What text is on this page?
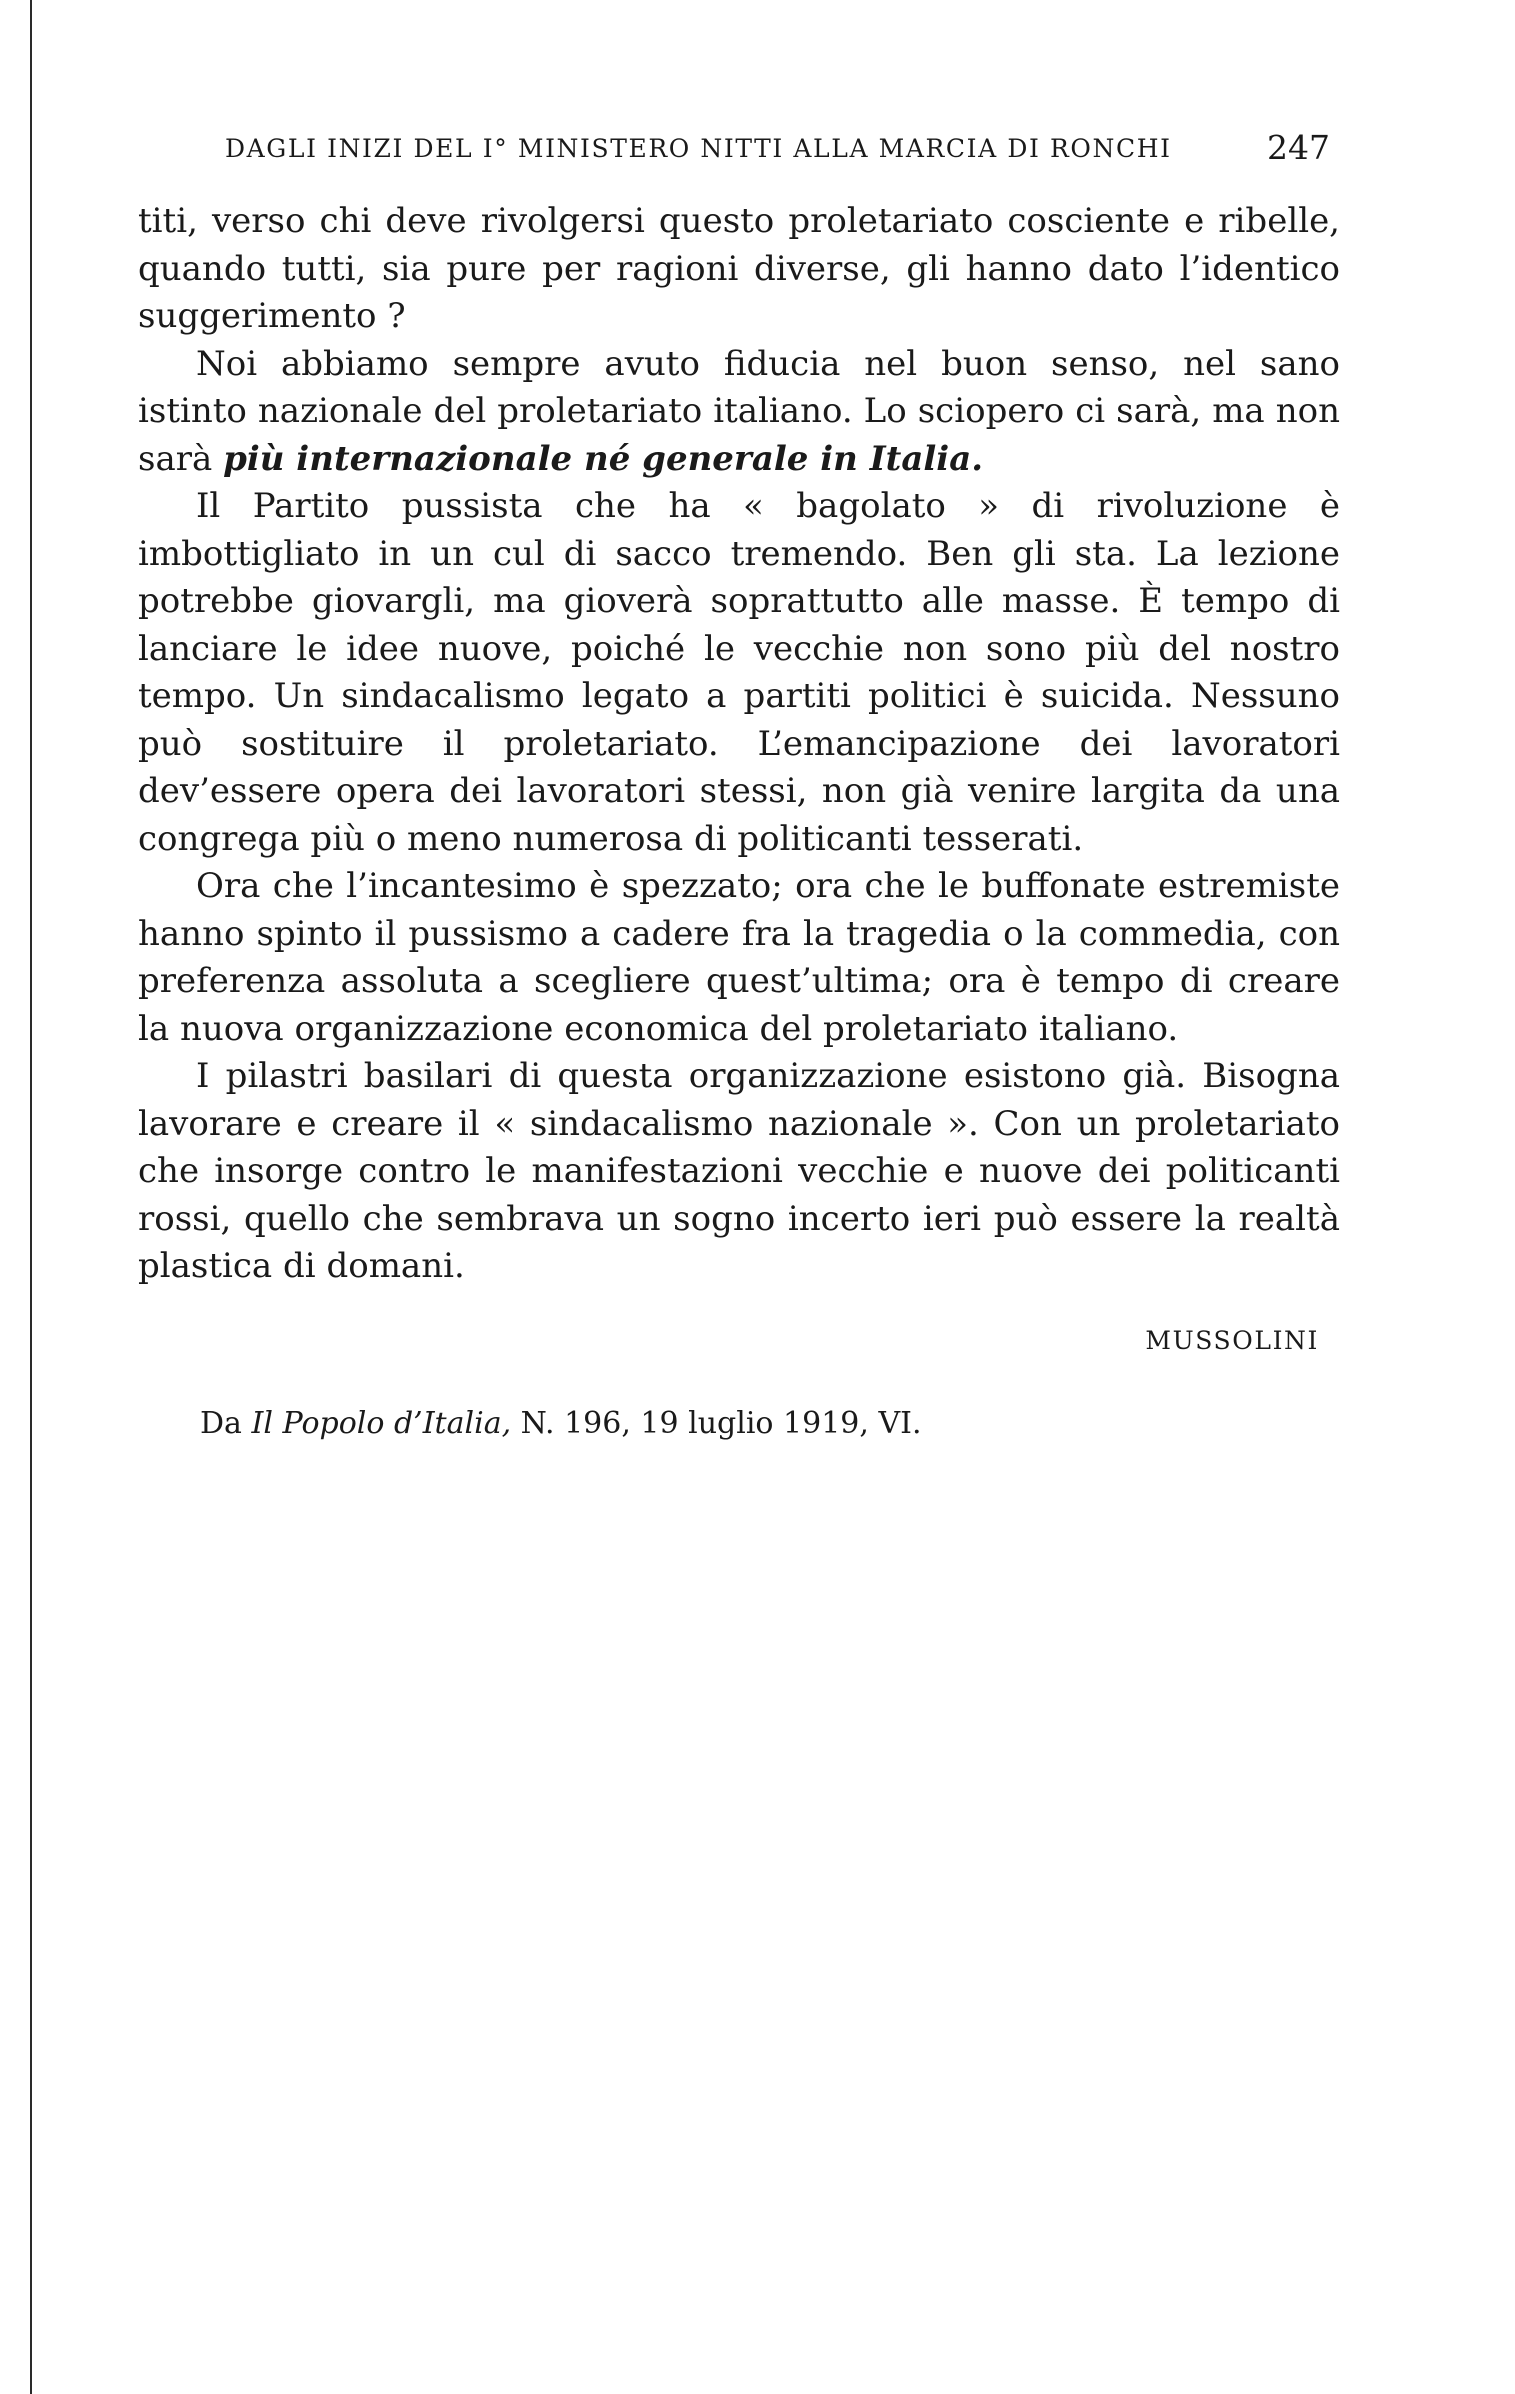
DAGLI INIZI DEL I° MINISTERO NITTI ALLA MARCIA DI RONCHI	247

titi, verso chi deve rivolgersi questo proletariato cosciente e ribelle, quando tutti, sia pure per ragioni diverse, gli hanno dato l’identico suggerimento ?

Noi abbiamo sempre avuto fiducia nel buon senso, nel sano istinto nazionale del proletariato italiano. Lo sciopero ci sarà, ma non sarà più internazionale né generale in Italia.

Il Partito pussista che ha « bagolato » di rivoluzione è imbottigliato in un cul di sacco tremendo. Ben gli sta. La lezione potrebbe giovargli, ma gioverà soprattutto alle masse. È tempo di lanciare le idee nuove, poiché le vecchie non sono più del nostro tempo. Un sindacalismo legato a partiti politici è suicida. Nessuno può sostituire il proletariato. L’emancipazione dei lavoratori dev’essere opera dei lavoratori stessi, non già venire largita da una congrega più o meno numerosa di politicanti tesserati.

Ora che l’incantesimo è spezzato; ora che le buffonate estremiste hanno spinto il pussismo a cadere fra la tragedia o la commedia, con preferenza assoluta a scegliere quest’ultima; ora è tempo di creare la nuova organizzazione economica del proletariato italiano.

I pilastri basilari di questa organizzazione esistono già. Bisogna lavorare e creare il « sindacalismo nazionale ». Con un proletariato che insorge contro le manifestazioni vecchie e nuove dei politicanti rossi, quello che sembrava un sogno incerto ieri può essere la realtà plastica di domani.

MUSSOLINI
Da Il Popolo d’Italia, N. 196, 19 luglio 1919, VI.
